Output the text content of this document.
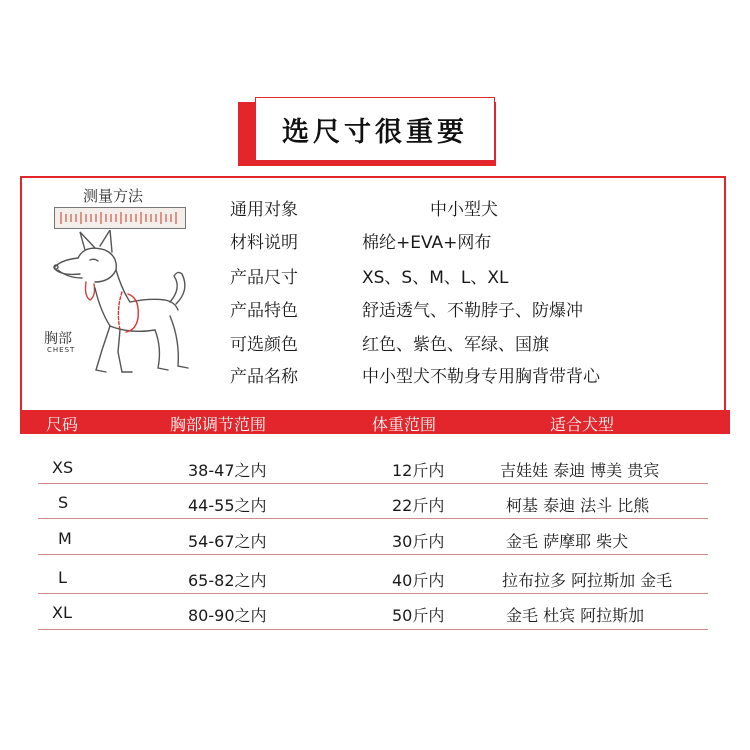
选尺寸很重要
测量方法
胸部
CHEST
通用对象	中小型犬
材料说明	棉纶+EVA+网布
产品尺寸	XS、S、M、L、XL
产品特色	舒适透气、不勒脖子、防爆冲
可选颜色	红色、紫色、军绿、国旗
产品名称	中小型犬不勒身专用胸背带背心
尺码	胸部调节范围	体重范围	适合犬型
XS	38-47之内	12斤内	吉娃娃 泰迪 博美 贵宾
S	44-55之内	22斤内	柯基 泰迪 法斗 比熊
M	54-67之内	30斤内	金毛 萨摩耶 柴犬
L	65-82之内	40斤内	拉布拉多 阿拉斯加 金毛
XL	80-90之内	50斤内	金毛 杜宾 阿拉斯加
